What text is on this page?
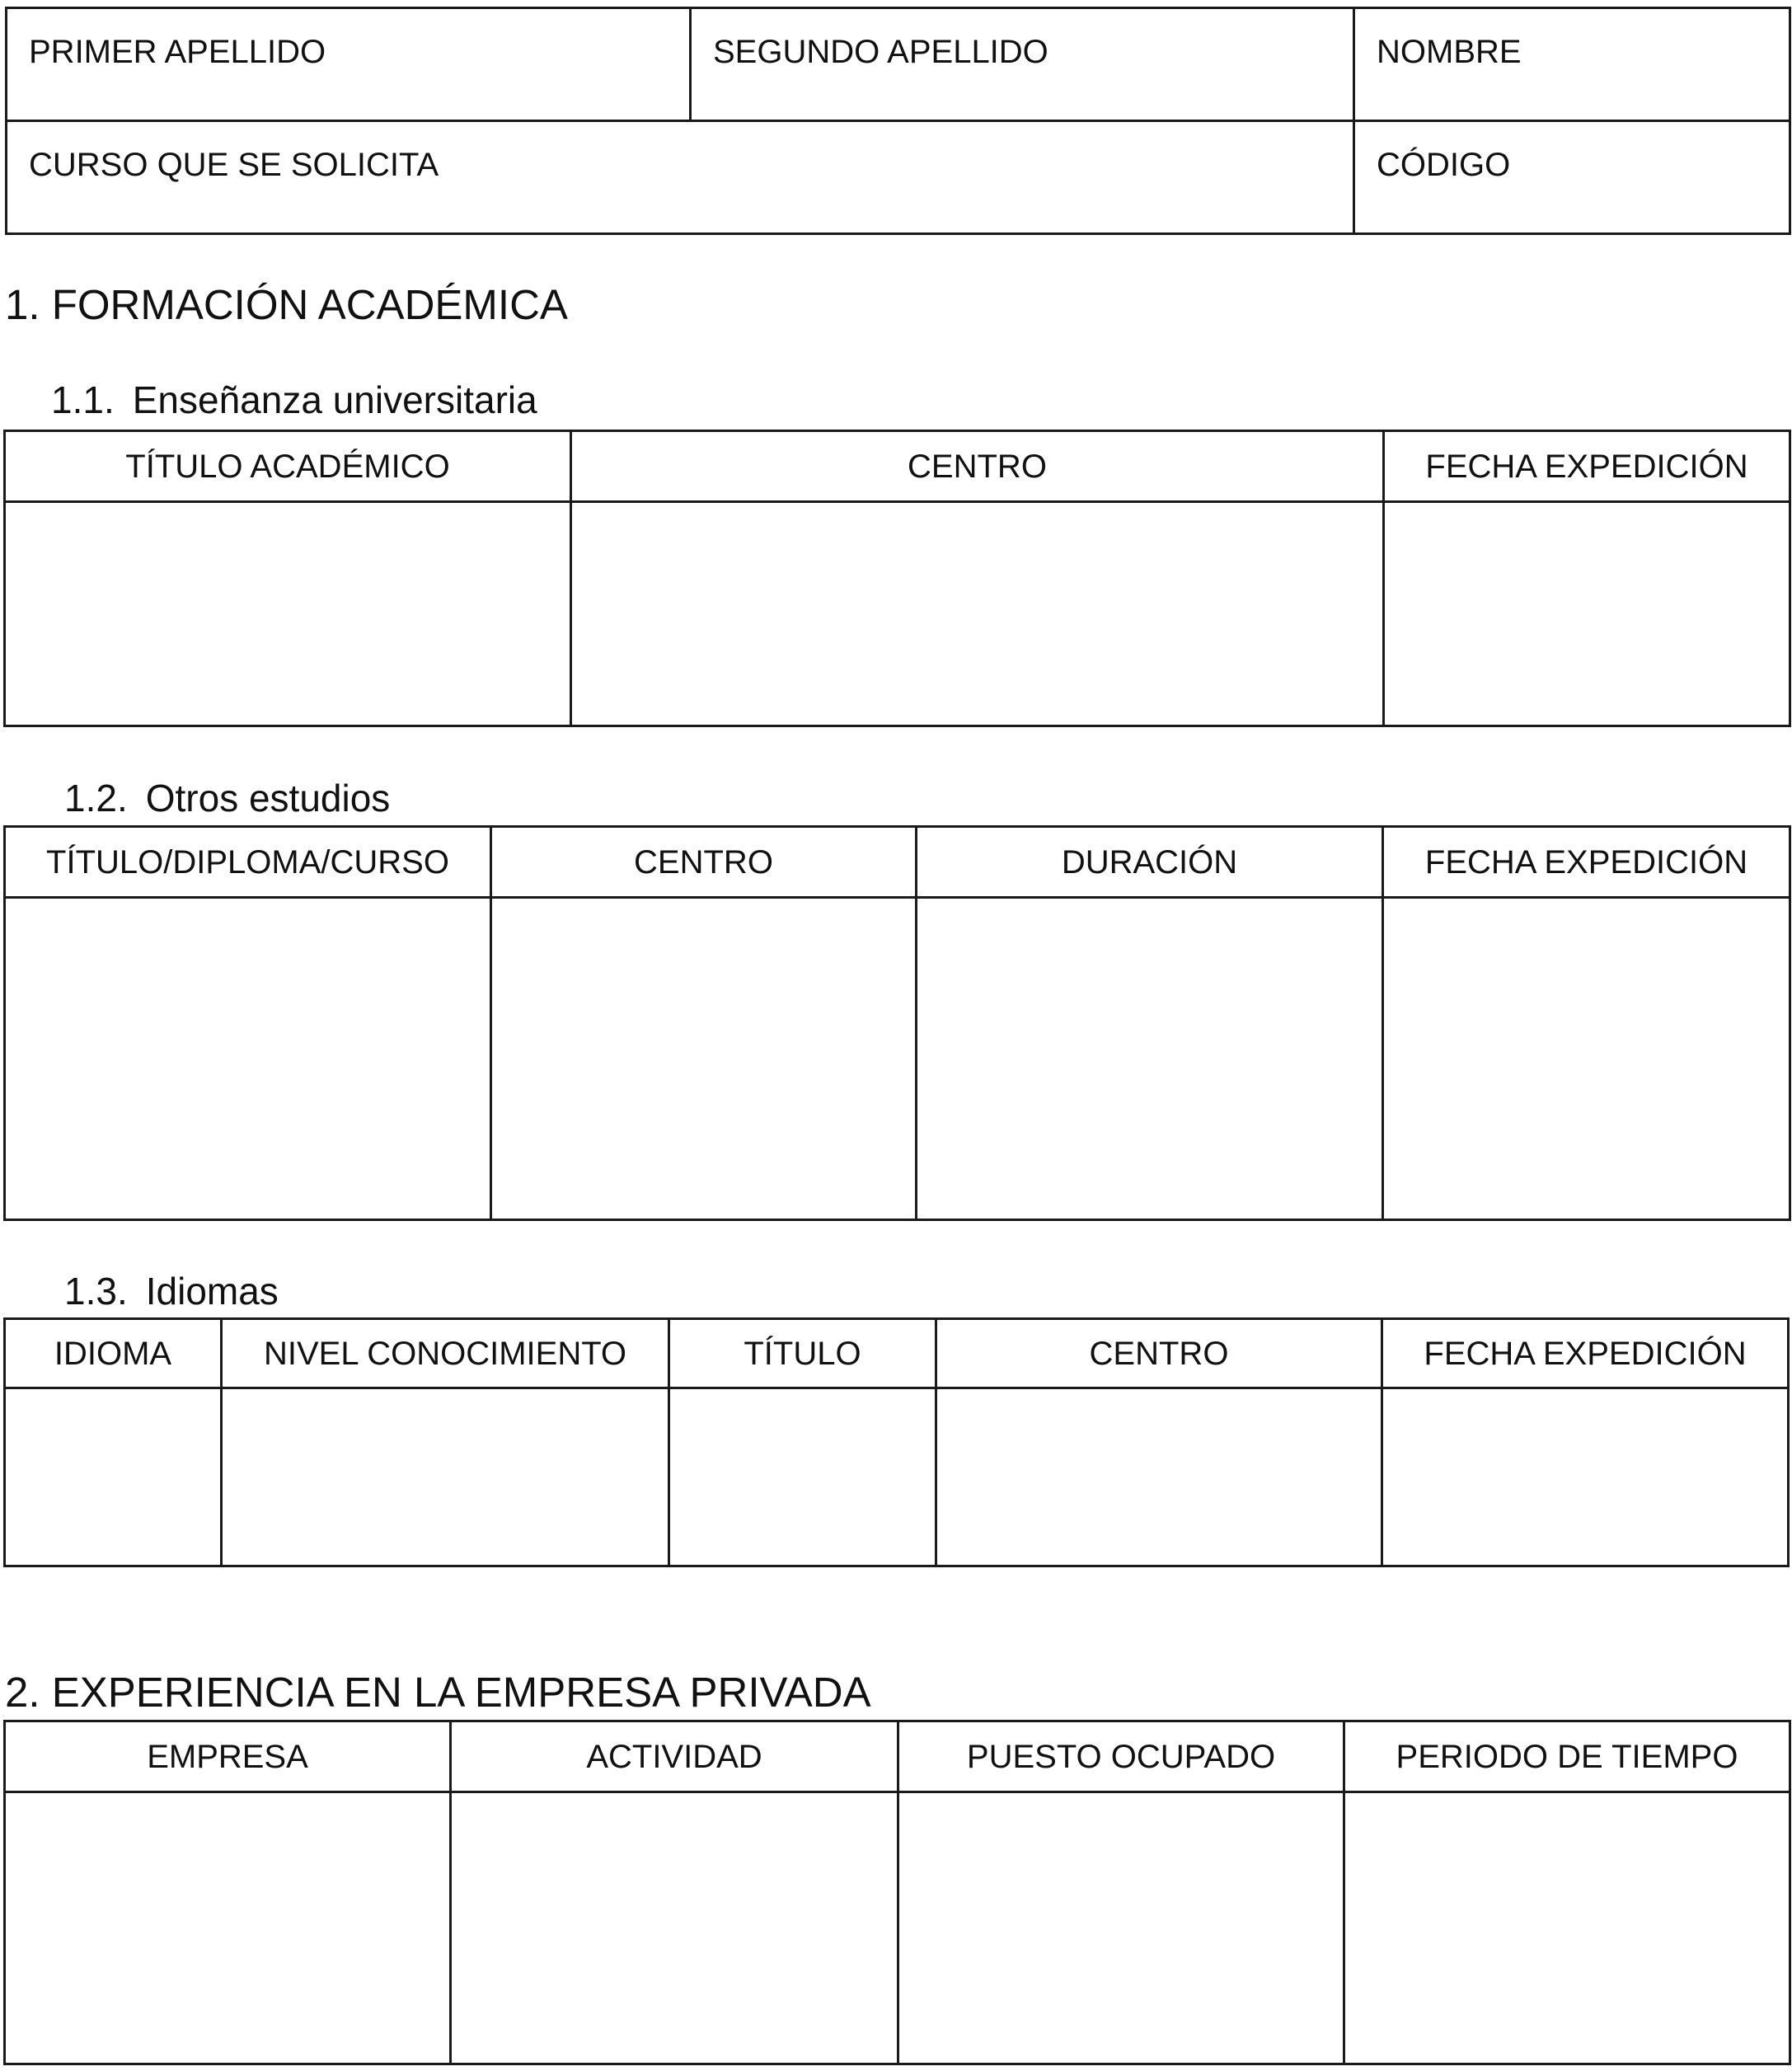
PRIMER APELLIDO	SEGUNDO APELLIDO	NOMBRE
CURSO QUE SE SOLICITA		CÓDIGO
1. FORMACIÓN ACADÉMICA
1.1. Enseñanza universitaria
TÍTULO ACADÉMICO	CENTRO	FECHA EXPEDICIÓN

1.2. Otros estudios
TÍTULO/DIPLOMA/CURSO	CENTRO	DURACIÓN	FECHA EXPEDICIÓN

1.3. Idiomas
IDIOMA	NIVEL CONOCIMIENTO	TÍTULO	CENTRO	FECHA EXPEDICIÓN

2. EXPERIENCIA EN LA EMPRESA PRIVADA
EMPRESA	ACTIVIDAD	PUESTO OCUPADO	PERIODO DE TIEMPO
